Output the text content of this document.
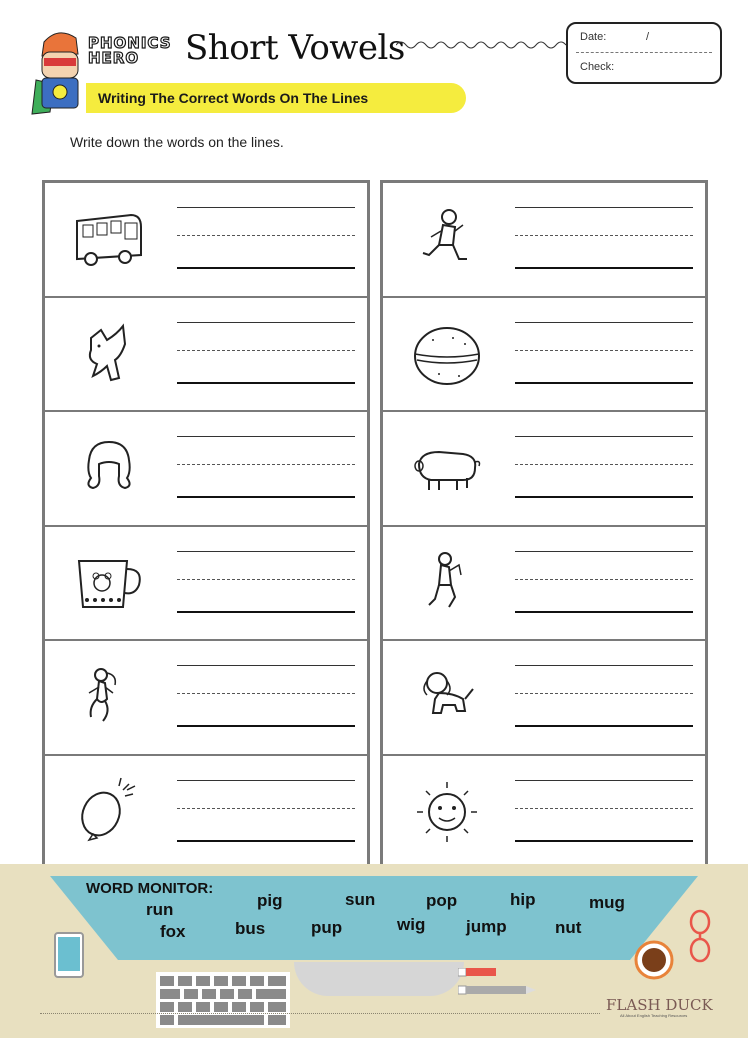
PHONICS
HERO	Short Vowels	Date:	/
Check:
Writing The Correct Words On The Lines
Write down the words on the lines.
WORD MONITOR:
run	pig	sun	pop	hip	mug
fox	bus	pup	wig jump	nut
FLASH DUCK
All About English Teaching Resources
